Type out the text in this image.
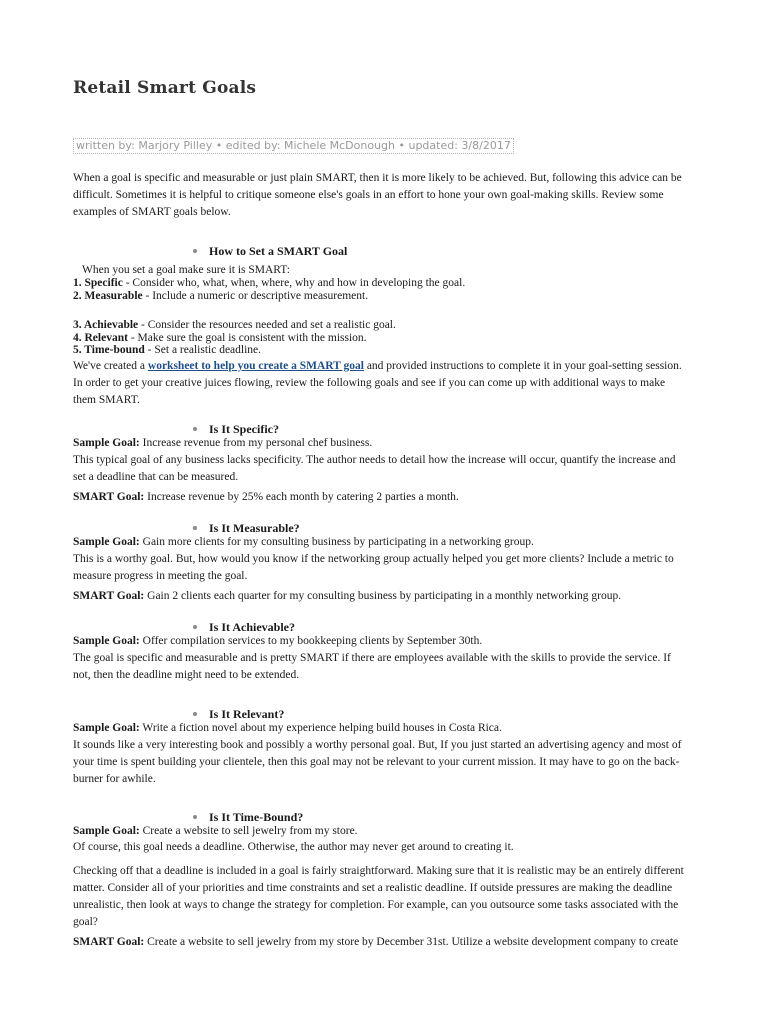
Retail Smart Goals
written by: Marjory Pilley • edited by: Michele McDonough • updated: 3/8/2017

When a goal is specific and measurable or just plain SMART, then it is more likely to be achieved. But, following this advice can be difficult. Sometimes it is helpful to critique someone else's goals in an effort to hone your own goal-making skills. Review some examples of SMART goals below.

How to Set a SMART Goal
When you set a goal make sure it is SMART:
1. Specific - Consider who, what, when, where, why and how in developing the goal.
2. Measurable - Include a numeric or descriptive measurement.
3. Achievable - Consider the resources needed and set a realistic goal.
4. Relevant - Make sure the goal is consistent with the mission.
5. Time-bound - Set a realistic deadline.

We've created a worksheet to help you create a SMART goal and provided instructions to complete it in your goal-setting session. In order to get your creative juices flowing, review the following goals and see if you can come up with additional ways to make them SMART.

Is It Specific?
Sample Goal: Increase revenue from my personal chef business.

This typical goal of any business lacks specificity. The author needs to detail how the increase will occur, quantify the increase and set a deadline that can be measured.

SMART Goal: Increase revenue by 25% each month by catering 2 parties a month.
Is It Measurable?
Sample Goal: Gain more clients for my consulting business by participating in a networking group.

This is a worthy goal. But, how would you know if the networking group actually helped you get more clients? Include a metric to measure progress in meeting the goal.

SMART Goal: Gain 2 clients each quarter for my consulting business by participating in a monthly networking group.
Is It Achievable?
Sample Goal: Offer compilation services to my bookkeeping clients by September 30th.

The goal is specific and measurable and is pretty SMART if there are employees available with the skills to provide the service. If not, then the deadline might need to be extended.

Is It Relevant?
Sample Goal: Write a fiction novel about my experience helping build houses in Costa Rica.

It sounds like a very interesting book and possibly a worthy personal goal. But, If you just started an advertising agency and most of your time is spent building your clientele, then this goal may not be relevant to your current mission. It may have to go on the back-burner for awhile.

Is It Time-Bound?
Sample Goal: Create a website to sell jewelry from my store.

Of course, this goal needs a deadline. Otherwise, the author may never get around to creating it.

Checking off that a deadline is included in a goal is fairly straightforward. Making sure that it is realistic may be an entirely different matter. Consider all of your priorities and time constraints and set a realistic deadline. If outside pressures are making the deadline unrealistic, then look at ways to change the strategy for completion. For example, can you outsource some tasks associated with the goal?

SMART Goal: Create a website to sell jewelry from my store by December 31st. Utilize a website development company to create
